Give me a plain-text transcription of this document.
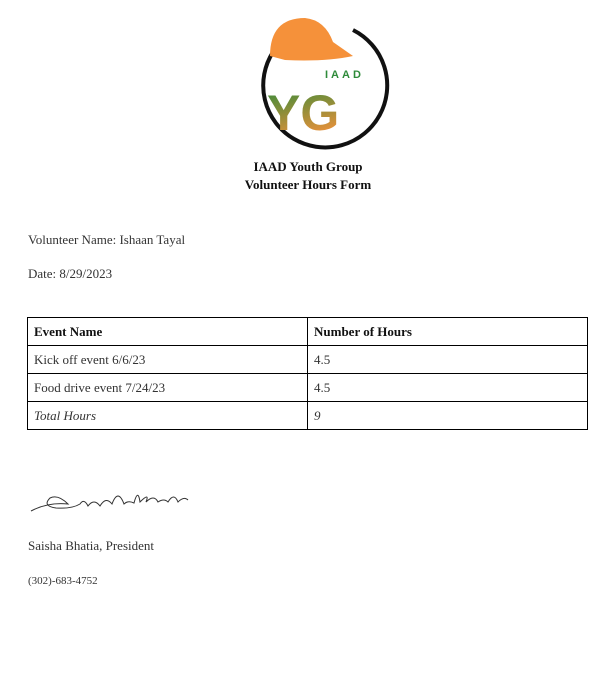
YG
IAAD
IAAD Youth Group
Volunteer Hours Form
Volunteer Name: Ishaan Tayal
Date: 8/29/2023
Event Name	Number of Hours
Kick off event 6/6/23	4.5
Food drive event 7/24/23	4.5
Total Hours	9
Saisha Bhatia, President
(302)-683-4752
